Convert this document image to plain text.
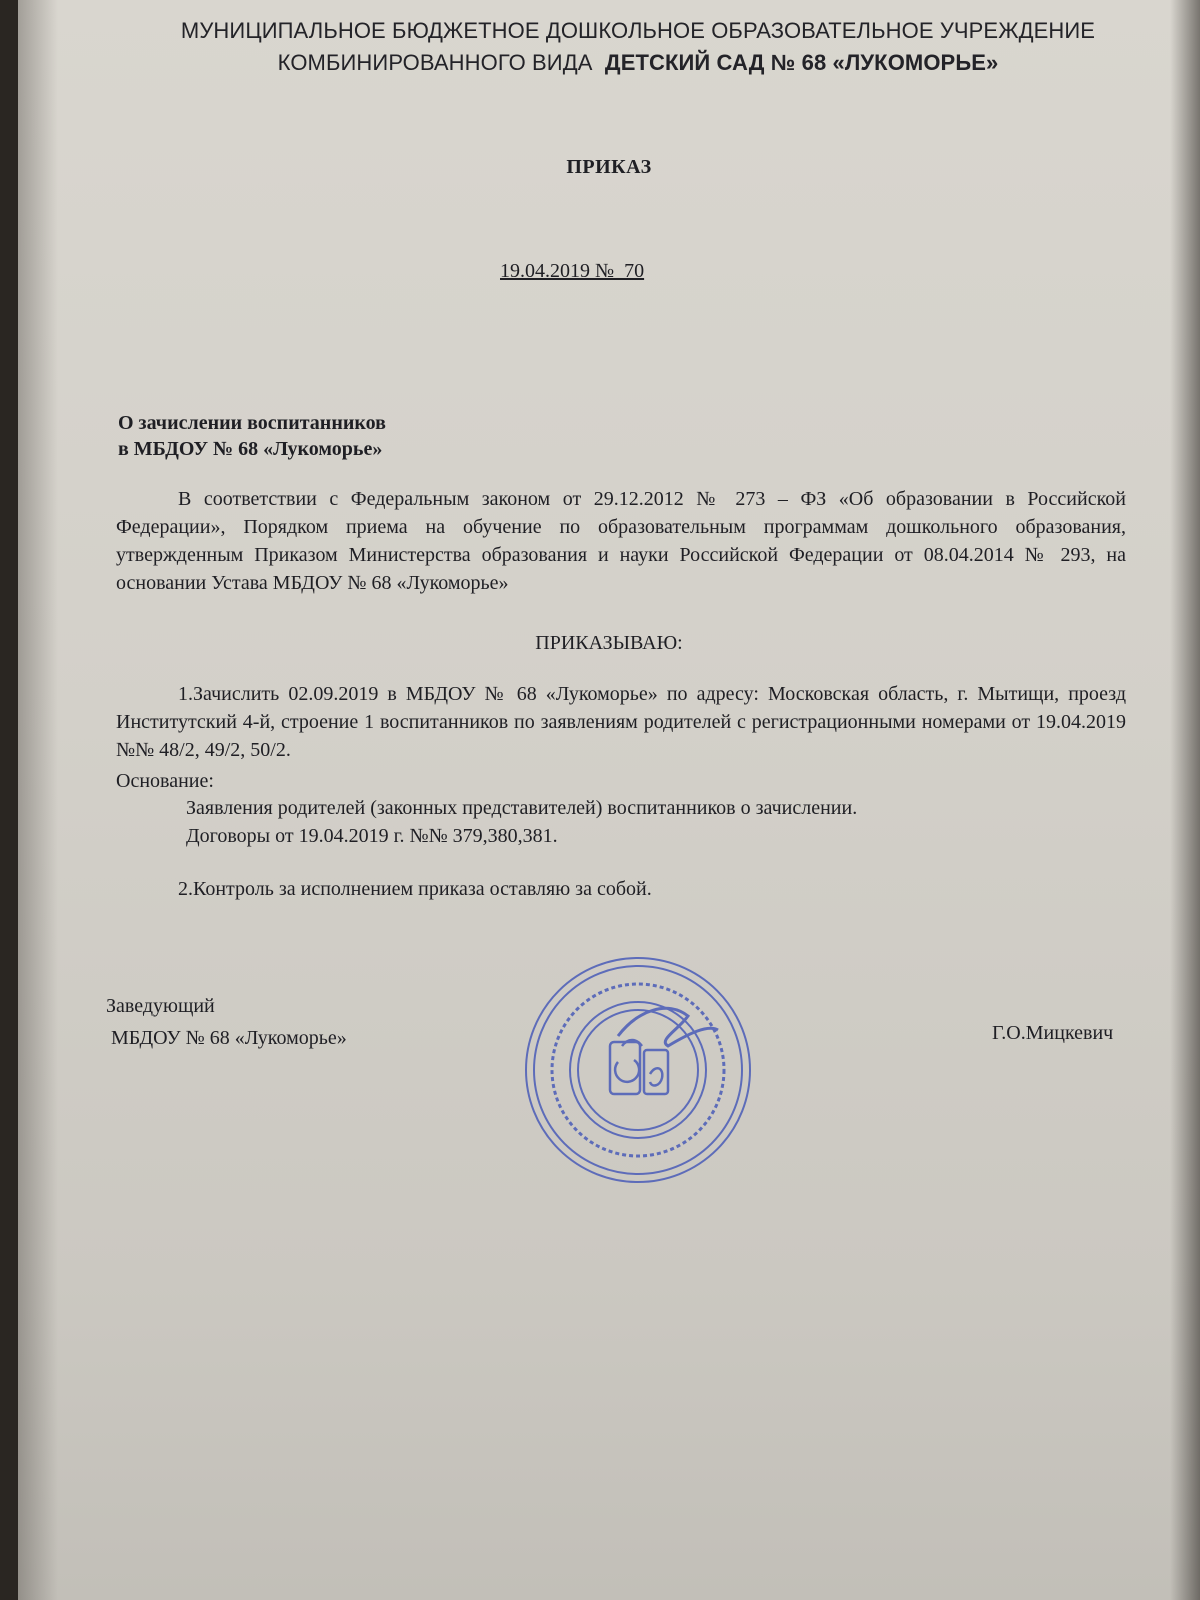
МУНИЦИПАЛЬНОЕ БЮДЖЕТНОЕ ДОШКОЛЬНОЕ ОБРАЗОВАТЕЛЬНОЕ УЧРЕЖДЕНИЕ
КОМБИНИРОВАННОГО ВИДА ДЕТСКИЙ САД № 68 «ЛУКОМОРЬЕ»
ПРИКАЗ
19.04.2019 №_70
О зачислении воспитанников
в МБДОУ № 68 «Лукоморье»
В соответствии с Федеральным законом от 29.12.2012 № 273 – ФЗ «Об образовании в Российской Федерации», Порядком приема на обучение по образовательным программам дошкольного образования, утвержденным Приказом Министерства образования и науки Российской Федерации от 08.04.2014 № 293, на основании Устава МБДОУ № 68 «Лукоморье»
ПРИКАЗЫВАЮ:
1.Зачислить 02.09.2019 в МБДОУ № 68 «Лукоморье» по адресу: Московская область, г. Мытищи, проезд Институтский 4-й, строение 1 воспитанников по заявлениям родителей с регистрационными номерами от 19.04.2019 №№ 48/2, 49/2, 50/2.
Основание:
Заявления родителей (законных представителей) воспитанников о зачислении.
Договоры от 19.04.2019 г. №№ 379,380,381.
2.Контроль за исполнением приказа оставляю за собой.
Заведующий
МБДОУ № 68 «Лукоморье»	Г.О.Мицкевич
